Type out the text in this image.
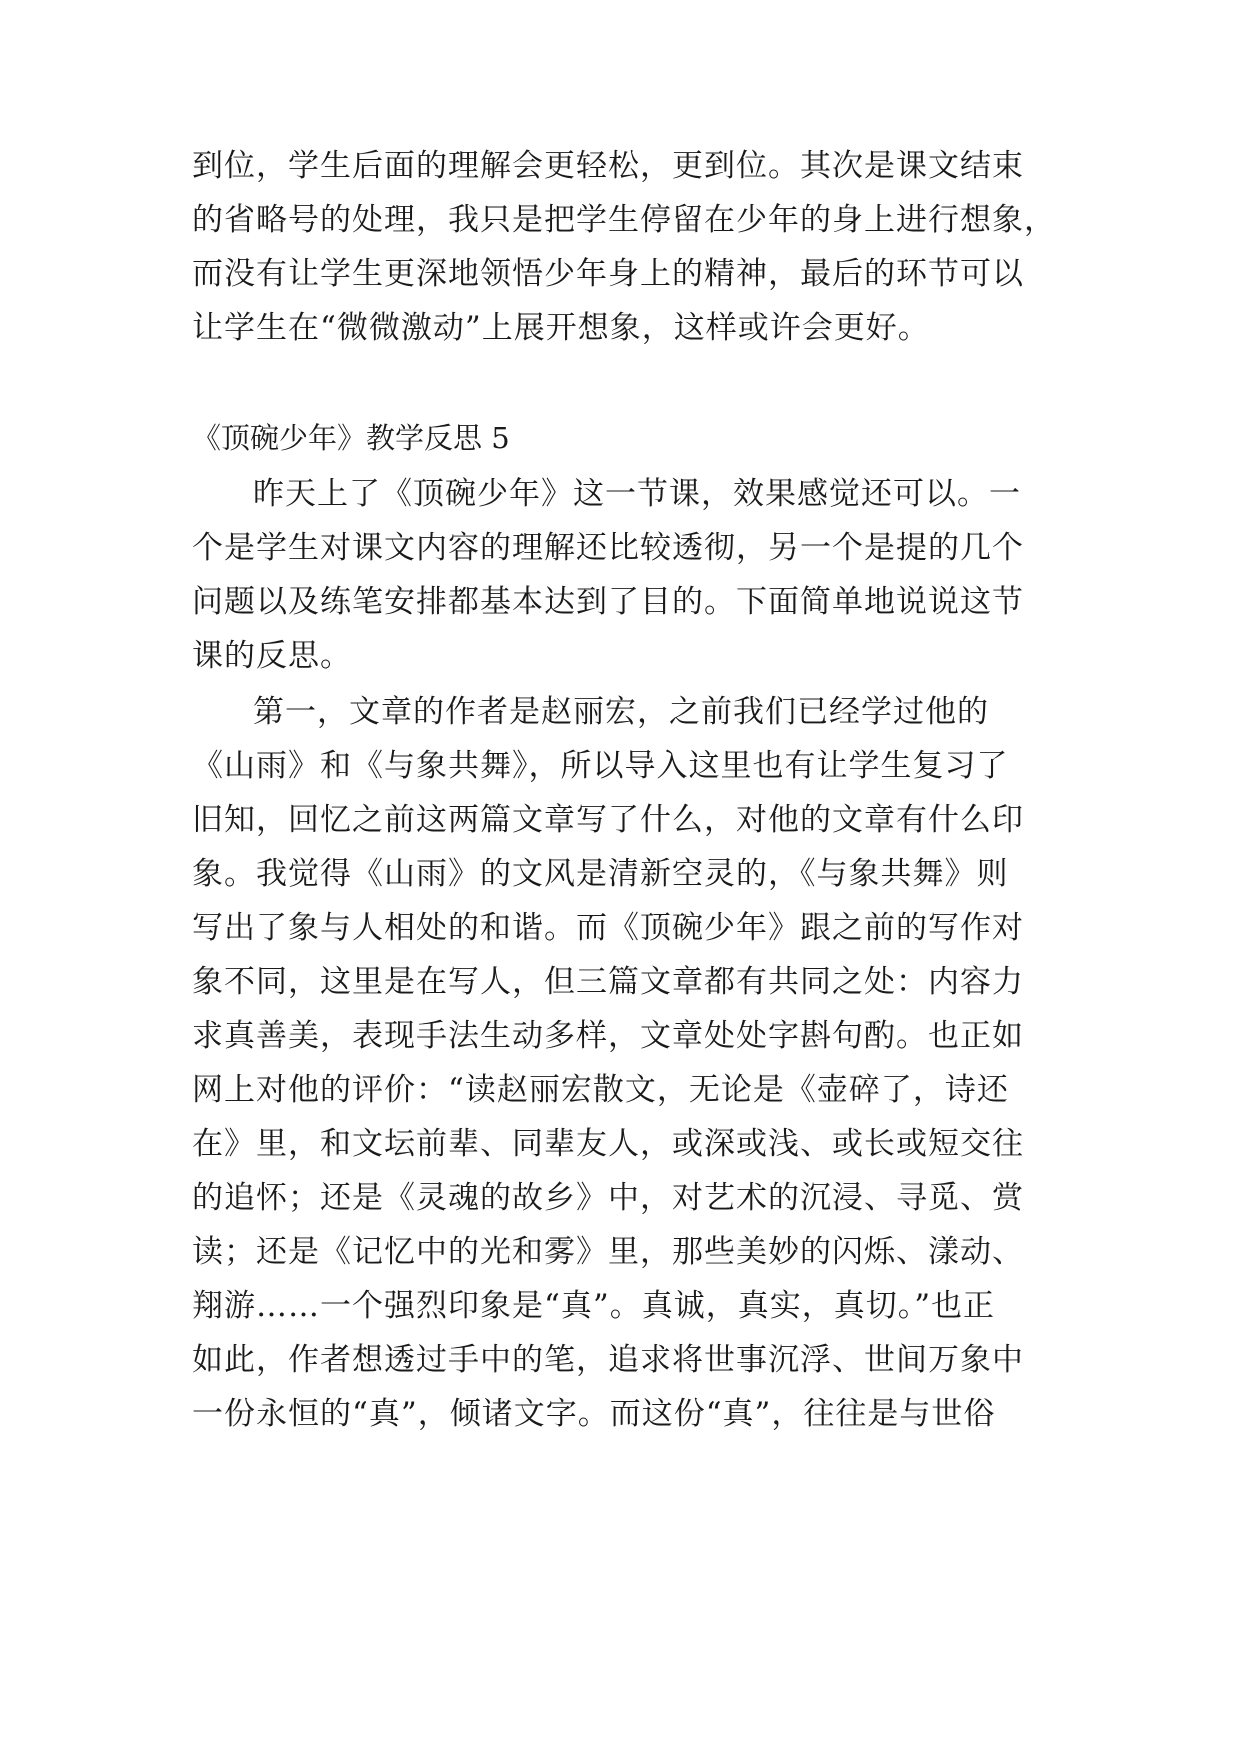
到位，学生后面的理解会更轻松，更到位。其次是课文结束
的省略号的处理，我只是把学生停留在少年的身上进行想象，
而没有让学生更深地领悟少年身上的精神，最后的环节可以
让学生在“微微激动”上展开想象，这样或许会更好。
《顶碗少年》教学反思 5
昨天上了《顶碗少年》这一节课，效果感觉还可以。一
个是学生对课文内容的理解还比较透彻，另一个是提的几个
问题以及练笔安排都基本达到了目的。下面简单地说说这节
课的反思。
第一，文章的作者是赵丽宏，之前我们已经学过他的
《山雨》和《与象共舞》，所以导入这里也有让学生复习了
旧知，回忆之前这两篇文章写了什么，对他的文章有什么印
象。我觉得《山雨》的文风是清新空灵的，《与象共舞》则
写出了象与人相处的和谐。而《顶碗少年》跟之前的写作对
象不同，这里是在写人，但三篇文章都有共同之处：内容力
求真善美，表现手法生动多样，文章处处字斟句酌。也正如
网上对他的评价：“读赵丽宏散文，无论是《壶碎了，诗还
在》里，和文坛前辈、同辈友人，或深或浅、或长或短交往
的追怀；还是《灵魂的故乡》中，对艺术的沉浸、寻觅、赏
读；还是《记忆中的光和雾》里，那些美妙的闪烁、漾动、
翔游……一个强烈印象是“真”。真诚，真实，真切。”也正
如此，作者想透过手中的笔，追求将世事沉浮、世间万象中
一份永恒的“真”，倾诸文字。而这份“真”，往往是与世俗
